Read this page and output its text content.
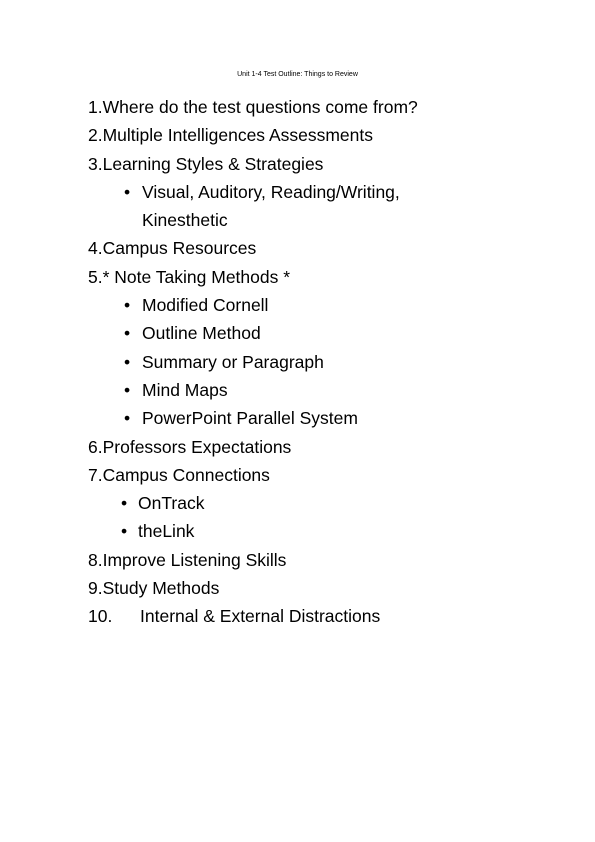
Unit 1-4 Test Outline: Things to Review
1.Where do the test questions come from?
2.Multiple Intelligences Assessments
3.Learning Styles & Strategies
• Visual, Auditory, Reading/Writing, Kinesthetic
4.Campus Resources
5.* Note Taking Methods *
• Modified Cornell
• Outline Method
• Summary or Paragraph
• Mind Maps
• PowerPoint Parallel System
6.Professors Expectations
7.Campus Connections
• OnTrack
• theLink
8.Improve Listening Skills
9.Study Methods
10. Internal & External Distractions
